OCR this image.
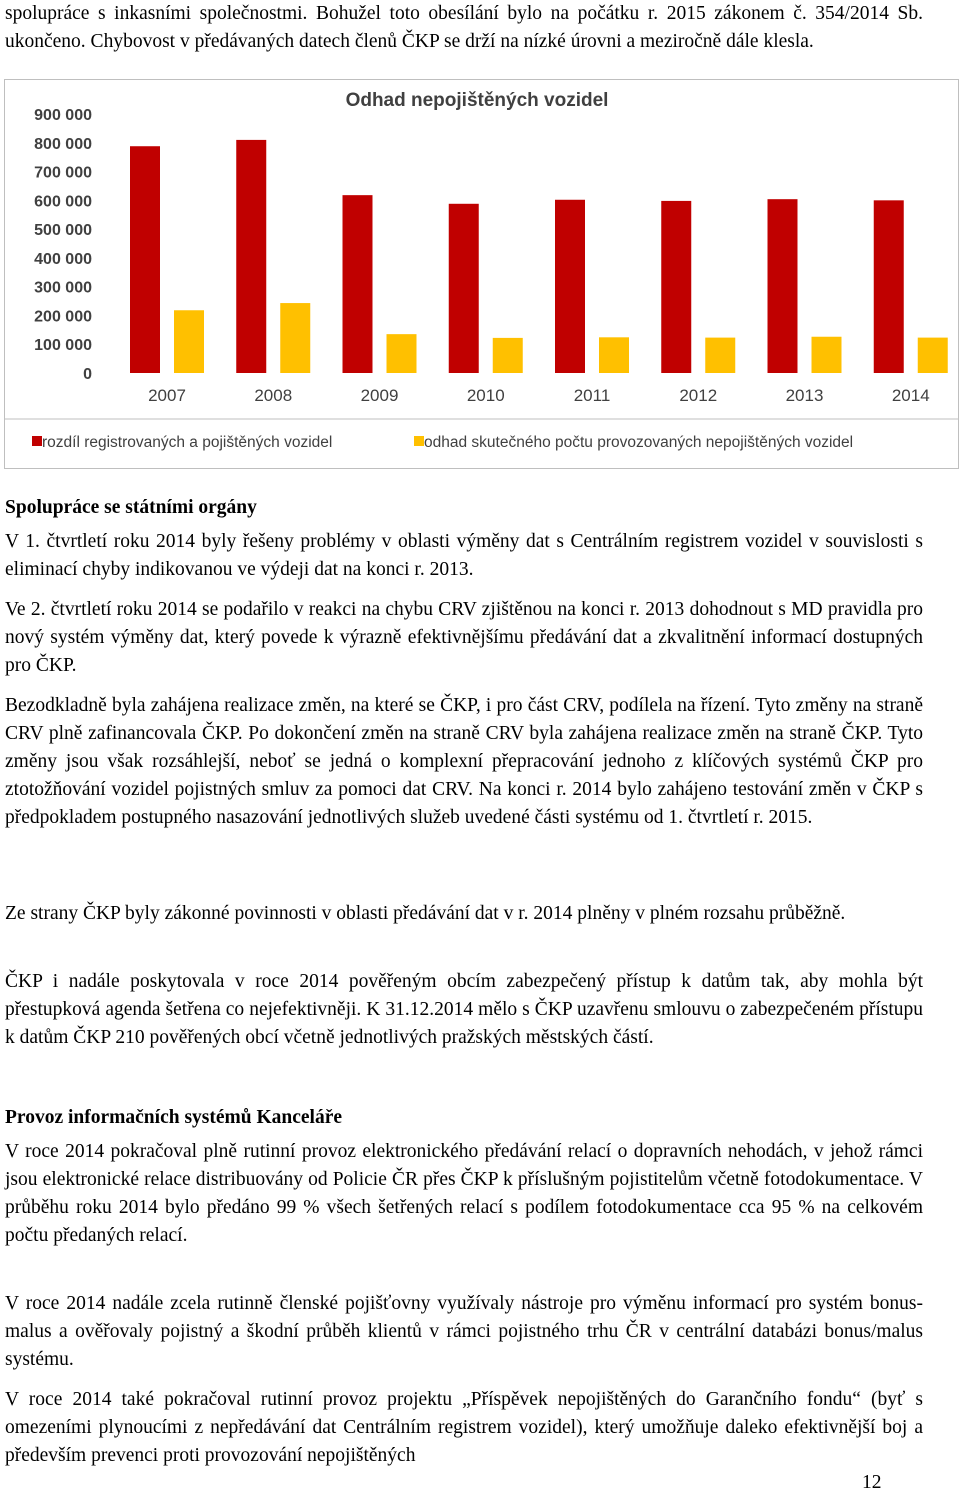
spolupráce s inkasními společnostmi. Bohužel toto obesílání bylo na počátku r. 2015 zákonem č. 354/2014 Sb. ukončeno. Chybovost v předávaných datech členů ČKP se drží na nízké úrovni a meziročně dále klesla.

Odhad nepojištěných vozidel
0
100 000
200 000
300 000
400 000
500 000
600 000
700 000
800 000
900 000
2007	2008	2009	2010	2011	2012	2013	2014
rozdíl registrovaných a pojištěných vozidel	odhad skutečného počtu provozovaných nepojištěných vozidel
Spolupráce se státními orgány

V 1. čtvrtletí roku 2014 byly řešeny problémy v oblasti výměny dat s Centrálním registrem vozidel v souvislosti s eliminací chyby indikovanou ve výdeji dat na konci r. 2013.

Ve 2. čtvrtletí roku 2014 se podařilo v reakci na chybu CRV zjištěnou na konci r. 2013 dohodnout s MD pravidla pro nový systém výměny dat, který povede k výrazně efektivnějšímu předávání dat a zkvalitnění informací dostupných pro ČKP.

Bezodkladně byla zahájena realizace změn, na které se ČKP, i pro část CRV, podílela na řízení. Tyto změny na straně CRV plně zafinancovala ČKP. Po dokončení změn na straně CRV byla zahájena realizace změn na straně ČKP. Tyto změny jsou však rozsáhlejší, neboť se jedná o komplexní přepracování jednoho z klíčových systémů ČKP pro ztotožňování vozidel pojistných smluv za pomoci dat CRV. Na konci r. 2014 bylo zahájeno testování změn v ČKP s předpokladem postupného nasazování jednotlivých služeb uvedené části systému od 1. čtvrtletí r. 2015.

Ze strany ČKP byly zákonné povinnosti v oblasti předávání dat v r. 2014 plněny v plném rozsahu průběžně.

ČKP i nadále poskytovala v roce 2014 pověřeným obcím zabezpečený přístup k datům tak, aby mohla být přestupková agenda šetřena co nejefektivněji. K 31.12.2014 mělo s ČKP uzavřenu smlouvu o zabezpečeném přístupu k datům ČKP 210 pověřených obcí včetně jednotlivých pražských městských částí.

Provoz informačních systémů Kanceláře

V roce 2014 pokračoval plně rutinní provoz elektronického předávání relací o dopravních nehodách, v jehož rámci jsou elektronické relace distribuovány od Policie ČR přes ČKP k příslušným pojistitelům včetně fotodokumentace. V průběhu roku 2014 bylo předáno 99 % všech šetřených relací s podílem fotodokumentace cca 95 % na celkovém počtu předaných relací.

V roce 2014 nadále zcela rutinně členské pojišťovny využívaly nástroje pro výměnu informací pro systém bonus-malus a ověřovaly pojistný a škodní průběh klientů v rámci pojistného trhu ČR v centrální databázi bonus/malus systému.

V roce 2014 také pokračoval rutinní provoz projektu „Příspěvek nepojištěných do Garančního fondu“ (byť s omezeními plynoucími z nepředávání dat Centrálním registrem vozidel), který umožňuje daleko efektivnější boj a především prevenci proti provozování nepojištěných

12
